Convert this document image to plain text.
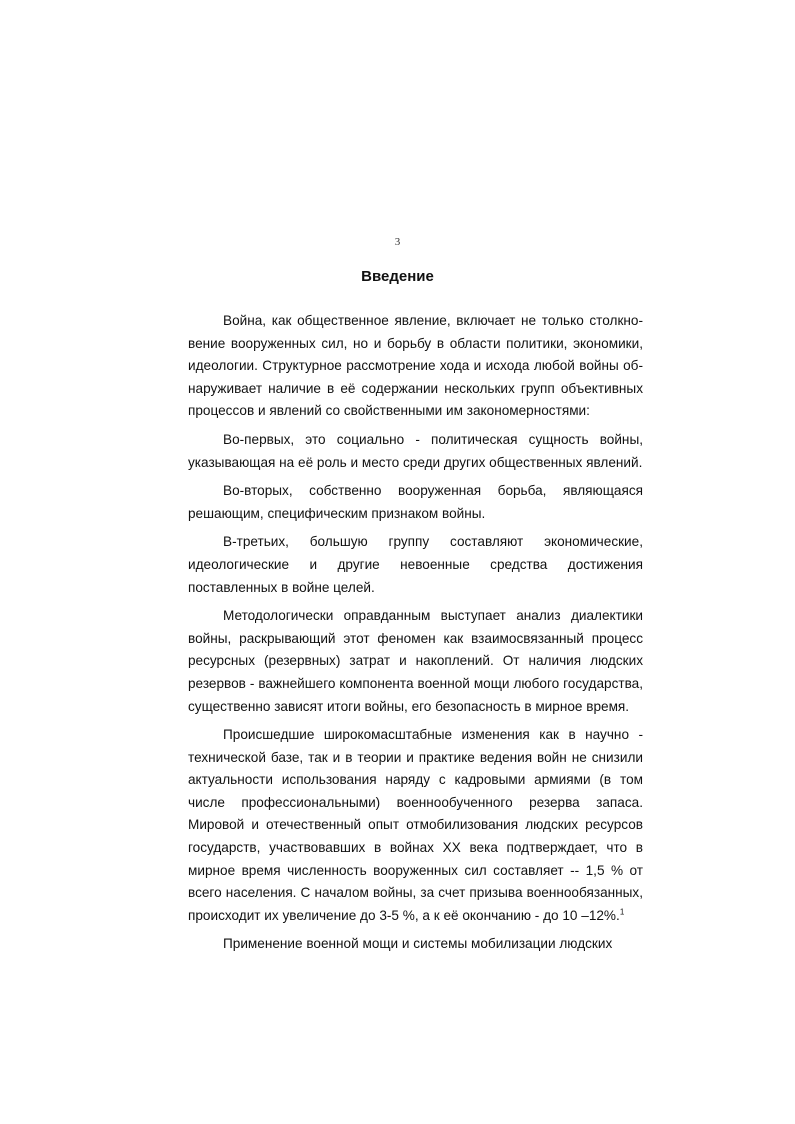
3
Введение

Война, как общественное явление, включает не только столкно-вение вооруженных сил, но и борьбу в области политики, экономики, идеологии. Структурное рассмотрение хода и исхода любой войны об-наруживает наличие в её содержании нескольких групп объективных процессов и явлений со свойственными им закономерностями:

Во-первых, это социально - политическая сущность войны, указывающая на её роль и место среди других общественных явлений.

Во-вторых, собственно вооруженная борьба, являющаяся решающим, специфическим признаком войны.

В-третьих, большую группу составляют экономические, идеологические и другие невоенные средства достижения поставленных в войне целей.

Методологически оправданным выступает анализ диалектики войны, раскрывающий этот феномен как взаимосвязанный процесс ресурсных (резервных) затрат и накоплений. От наличия людских резервов - важнейшего компонента военной мощи любого государства, существенно зависят итоги войны, его безопасность в мирное время.

Происшедшие широкомасштабные изменения как в научно - технической базе, так и в теории и практике ведения войн не снизили актуальности использования наряду с кадровыми армиями (в том числе профессиональными) военнообученного резерва запаса. Мировой и отечественный опыт отмобилизования людских ресурсов государств, участвовавших в войнах XX века подтверждает, что в мирное время численность вооруженных сил составляет -- 1,5 % от всего населения. С началом войны, за счет призыва военнообязанных, происходит их увеличение до 3-5 %, а к её окончанию - до 10 –12%.$^1$

Применение военной мощи и системы мобилизации людских
